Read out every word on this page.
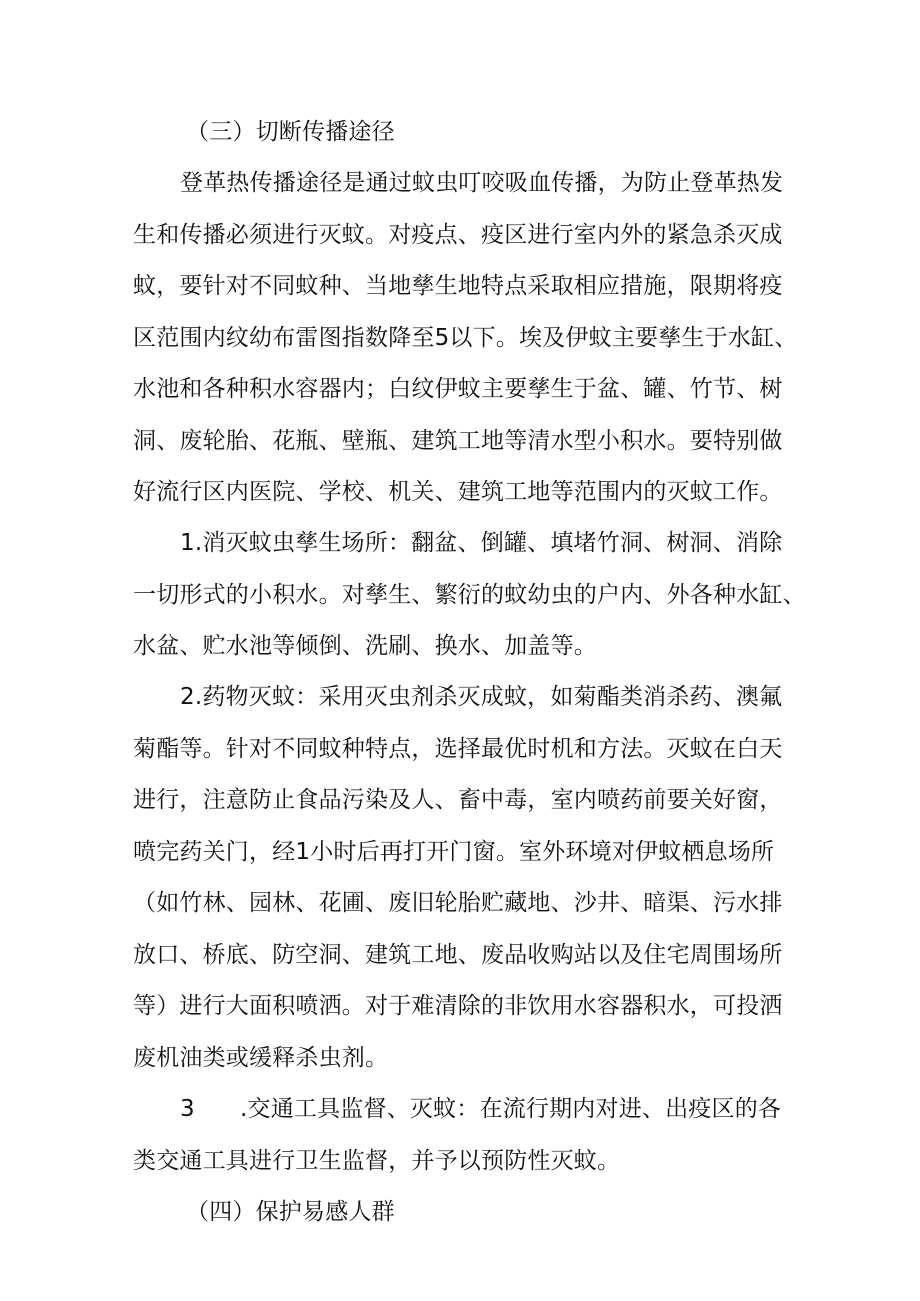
（三）切断传播途径
登革热传播途径是通过蚊虫叮咬吸血传播，为防止登革热发
生和传播必须进行灭蚊。对疫点、疫区进行室内外的紧急杀灭成
蚊，要针对不同蚊种、当地孳生地特点采取相应措施，限期将疫
区范围内纹幼布雷图指数降至5以下。埃及伊蚊主要孳生于水缸、
水池和各种积水容器内；白纹伊蚊主要孳生于盆、罐、竹节、树
洞、废轮胎、花瓶、壁瓶、建筑工地等清水型小积水。要特别做
好流行区内医院、学校、机关、建筑工地等范围内的灭蚊工作。
1.消灭蚊虫孳生场所：翻盆、倒罐、填堵竹洞、树洞、消除
一切形式的小积水。对孳生、繁衍的蚊幼虫的户内、外各种水缸、
水盆、贮水池等倾倒、洗刷、换水、加盖等。
2.药物灭蚊：采用灭虫剂杀灭成蚊，如菊酯类消杀药、澳氟
菊酯等。针对不同蚊种特点，选择最优时机和方法。灭蚊在白天
进行，注意防止食品污染及人、畜中毒，室内喷药前要关好窗，
喷完药关门，经1小时后再打开门窗。室外环境对伊蚊栖息场所
（如竹林、园林、花圃、废旧轮胎贮藏地、沙井、暗渠、污水排
放口、桥底、防空洞、建筑工地、废品收购站以及住宅周围场所
等）进行大面积喷洒。对于难清除的非饮用水容器积水，可投洒
废机油类或缓释杀虫剂。
3	.交通工具监督、灭蚊：在流行期内对进、出疫区的各
类交通工具进行卫生监督，并予以预防性灭蚊。
（四）保护易感人群
